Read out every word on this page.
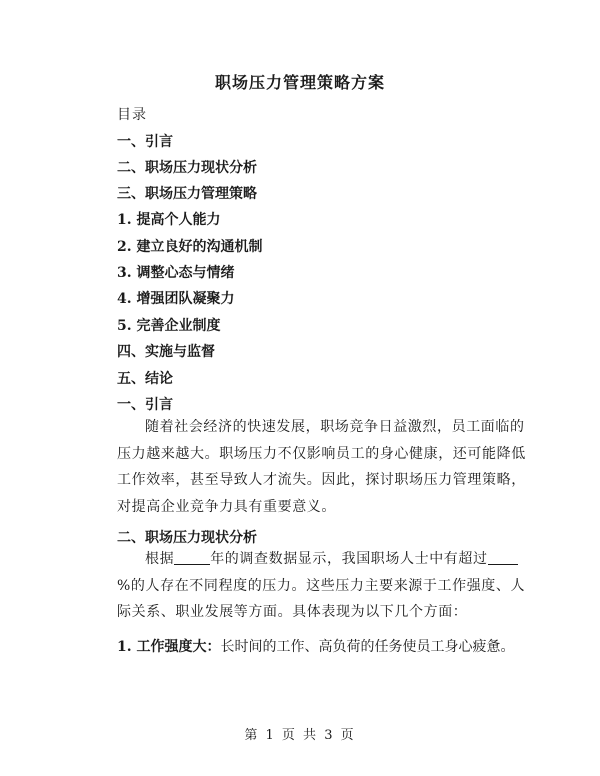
职场压力管理策略方案
目录
一、引言
二、职场压力现状分析
三、职场压力管理策略
1. 提高个人能力
2. 建立良好的沟通机制
3. 调整心态与情绪
4. 增强团队凝聚力
5. 完善企业制度
四、实施与监督
五、结论
一、引言
随着社会经济的快速发展，职场竞争日益激烈，员工面临的压力越来越大。职场压力不仅影响员工的身心健康，还可能降低工作效率，甚至导致人才流失。因此，探讨职场压力管理策略，对提高企业竞争力具有重要意义。
二、职场压力现状分析
根据	年的调查数据显示，我国职场人士中有超过%的人存在不同程度的压力。这些压力主要来源于工作强度、人际关系、职业发展等方面。具体表现为以下几个方面：
1. 工作强度大：长时间的工作、高负荷的任务使员工身心疲惫。
第 1 页 共 3 页
